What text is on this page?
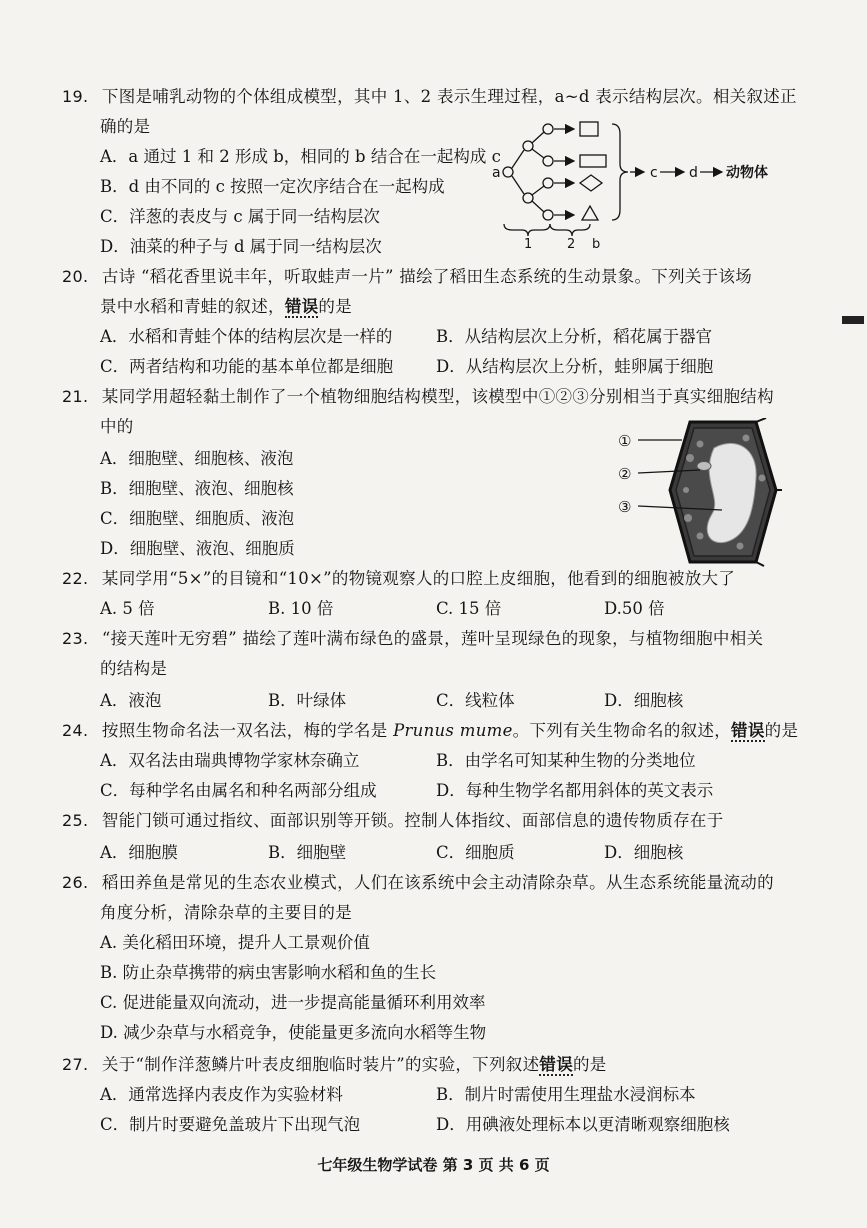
19. 下图是哺乳动物的个体组成模型，其中 1、2 表示生理过程，a~d 表示结构层次。相关叙述正
确的是
A．a 通过 1 和 2 形成 b，相同的 b 结合在一起构成 c
B．d 由不同的 c 按照一定次序结合在一起构成
C．洋葱的表皮与 c 属于同一结构层次
D．油菜的种子与 d 属于同一结构层次
a	c d 动物体
1	2 b
20. 古诗 “稻花香里说丰年，听取蛙声一片” 描绘了稻田生态系统的生动景象。下列关于该场
景中水稻和青蛙的叙述，错误的是
A．水稻和青蛙个体的结构层次是一样的	B．从结构层次上分析，稻花属于器官
C．两者结构和功能的基本单位都是细胞	D．从结构层次上分析，蛙卵属于细胞
21. 某同学用超轻黏土制作了一个植物细胞结构模型，该模型中①②③分别相当于真实细胞结构
中的
A．细胞壁、细胞核、液泡
B．细胞壁、液泡、细胞核
C．细胞壁、细胞质、液泡
D．细胞壁、液泡、细胞质
①
②
③
22. 某同学用“5×”的目镜和“10×”的物镜观察人的口腔上皮细胞，他看到的细胞被放大了
A. 5 倍	B. 10 倍	C. 15 倍	D.50 倍
23. “接天莲叶无穷碧” 描绘了莲叶满布绿色的盛景，莲叶呈现绿色的现象，与植物细胞中相关
的结构是
A．液泡	B．叶绿体	C．线粒体	D．细胞核
24. 按照生物命名法一双名法，梅的学名是 Prunus mume。下列有关生物命名的叙述，错误的是
A．双名法由瑞典博物学家林奈确立	B．由学名可知某种生物的分类地位
C．每种学名由属名和种名两部分组成	D．每种生物学名都用斜体的英文表示
25. 智能门锁可通过指纹、面部识别等开锁。控制人体指纹、面部信息的遗传物质存在于
A．细胞膜	B．细胞壁	C．细胞质	D．细胞核
26. 稻田养鱼是常见的生态农业模式，人们在该系统中会主动清除杂草。从生态系统能量流动的
角度分析，清除杂草的主要目的是
A. 美化稻田环境，提升人工景观价值
B. 防止杂草携带的病虫害影响水稻和鱼的生长
C. 促进能量双向流动，进一步提高能量循环利用效率
D. 减少杂草与水稻竞争，使能量更多流向水稻等生物
27. 关于“制作洋葱鳞片叶表皮细胞临时装片”的实验，下列叙述错误的是
A．通常选择内表皮作为实验材料	B．制片时需使用生理盐水浸润标本
C．制片时要避免盖玻片下出现气泡	D．用碘液处理标本以更清晰观察细胞核
七年级生物学试卷 第 3 页 共 6 页
